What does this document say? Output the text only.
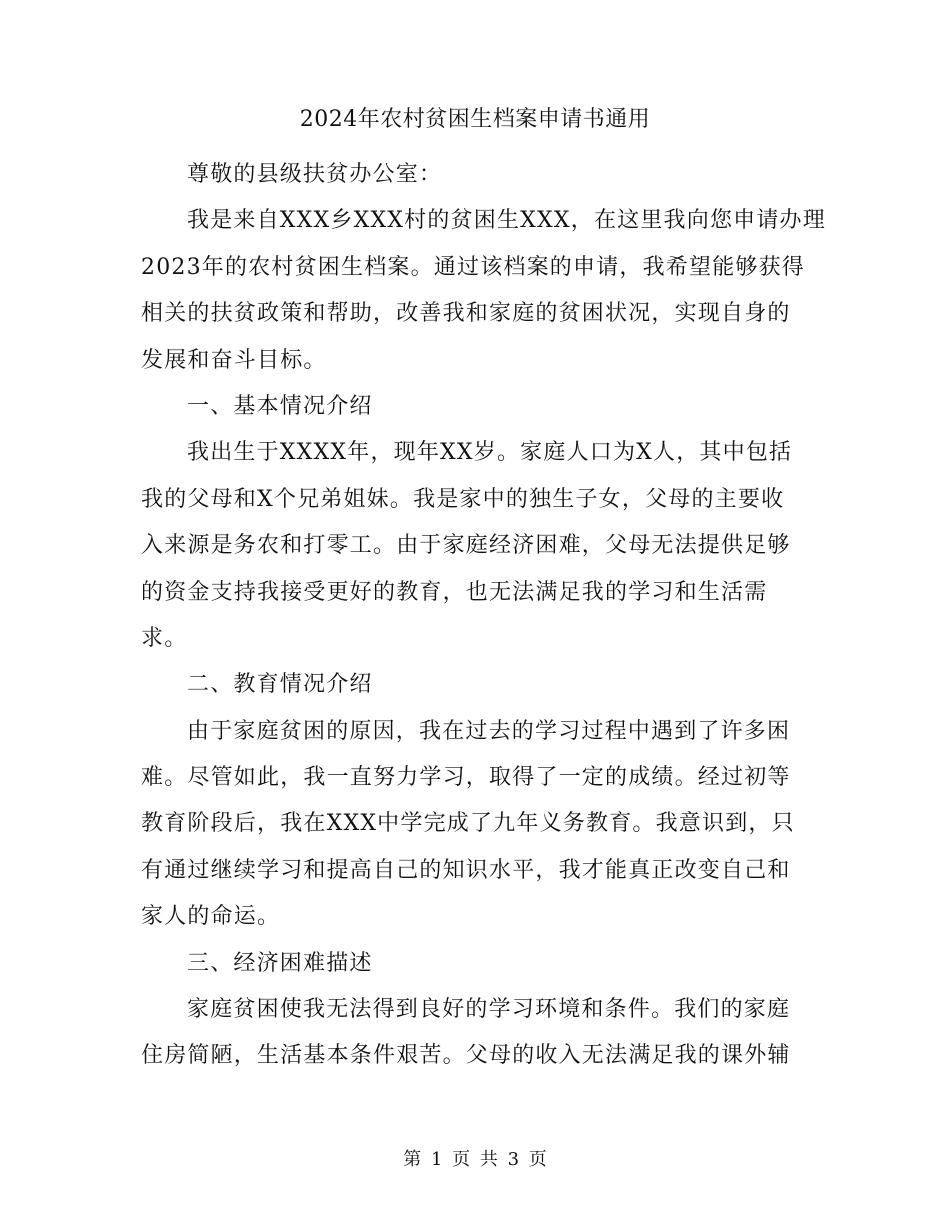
2024年农村贫困生档案申请书通用
尊敬的县级扶贫办公室：
我是来自XXX乡XXX村的贫困生XXX，在这里我向您申请办理
2023年的农村贫困生档案。通过该档案的申请，我希望能够获得
相关的扶贫政策和帮助，改善我和家庭的贫困状况，实现自身的
发展和奋斗目标。
一、基本情况介绍
我出生于XXXX年，现年XX岁。家庭人口为X人，其中包括
我的父母和X个兄弟姐妹。我是家中的独生子女，父母的主要收
入来源是务农和打零工。由于家庭经济困难，父母无法提供足够
的资金支持我接受更好的教育，也无法满足我的学习和生活需
求。
二、教育情况介绍
由于家庭贫困的原因，我在过去的学习过程中遇到了许多困
难。尽管如此，我一直努力学习，取得了一定的成绩。经过初等
教育阶段后，我在XXX中学完成了九年义务教育。我意识到，只
有通过继续学习和提高自己的知识水平，我才能真正改变自己和
家人的命运。
三、经济困难描述
家庭贫困使我无法得到良好的学习环境和条件。我们的家庭
住房简陋，生活基本条件艰苦。父母的收入无法满足我的课外辅
第 1 页 共 3 页
